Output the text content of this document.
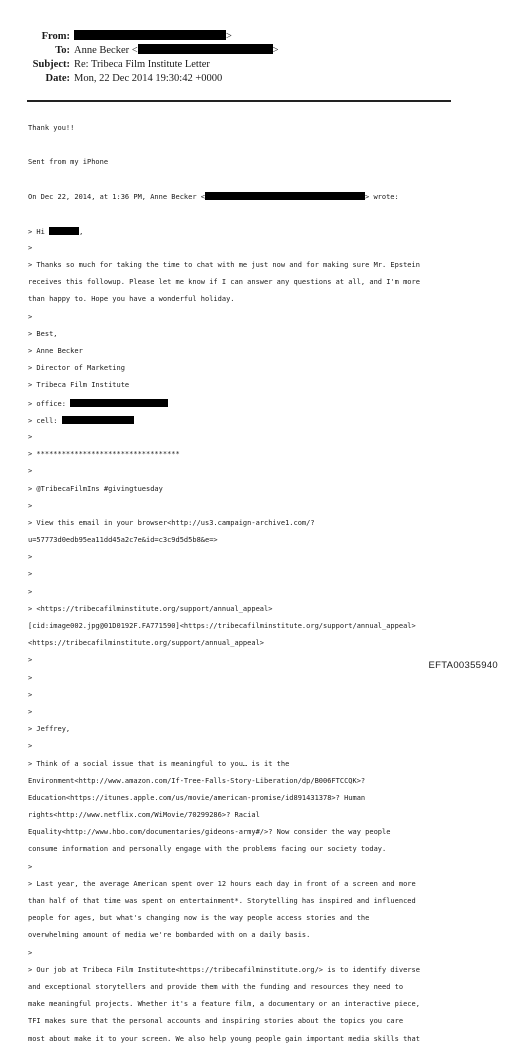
From:	>
To: Anne Becker <	>
Subject: Re: Tribeca Film Institute Letter
Date: Mon, 22 Dec 2014 19:30:42 +0000

Thank you!!

Sent from my iPhone

On Dec 22, 2014, at 1:36 PM, Anne Becker <	> wrote:

> Hi	,

>

> Thanks so much for taking the time to chat with me just now and for making sure Mr. Epstein

receives this followup. Please let me know if I can answer any questions at all, and I'm more

than happy to. Hope you have a wonderful holiday.

>

> Best,

> Anne Becker

> Director of Marketing

> Tribeca Film Institute

> office:

> cell:

>

> **********************************

>

> @TribecaFilmIns #givingtuesday

>

> View this email in your browser<http://us3.campaign-archive1.com/?

u=57773d0edb95ea11dd45a2c7e&id=c3c9d5d5b8&e=>

>

>

>

> <https://tribecafilminstitute.org/support/annual_appeal>

[cid:image002.jpg@01D0192F.FA771590]<https://tribecafilminstitute.org/support/annual_appeal>

<https://tribecafilminstitute.org/support/annual_appeal>

>

>

>

>

> Jeffrey,

>

> Think of a social issue that is meaningful to you… is it the

Environment<http://www.amazon.com/If-Tree-Falls-Story-Liberation/dp/B006FTCCQK>?

Education<https://itunes.apple.com/us/movie/american-promise/id891431378>? Human

rights<http://www.netflix.com/WiMovie/70299286>? Racial

Equality<http://www.hbo.com/documentaries/gideons-army#/>? Now consider the way people

consume information and personally engage with the problems facing our society today.

>

> Last year, the average American spent over 12 hours each day in front of a screen and more

than half of that time was spent on entertainment*. Storytelling has inspired and influenced

people for ages, but what's changing now is the way people access stories and the

overwhelming amount of media we're bombarded with on a daily basis.

>

> Our job at Tribeca Film Institute<https://tribecafilminstitute.org/> is to identify diverse

and exceptional storytellers and provide them with the funding and resources they need to

make meaningful projects. Whether it's a feature film, a documentary or an interactive piece,

TFI makes sure that the personal accounts and inspiring stories about the topics you care

most about make it to your screen. We also help young people gain important media skills that

EFTA00355940
